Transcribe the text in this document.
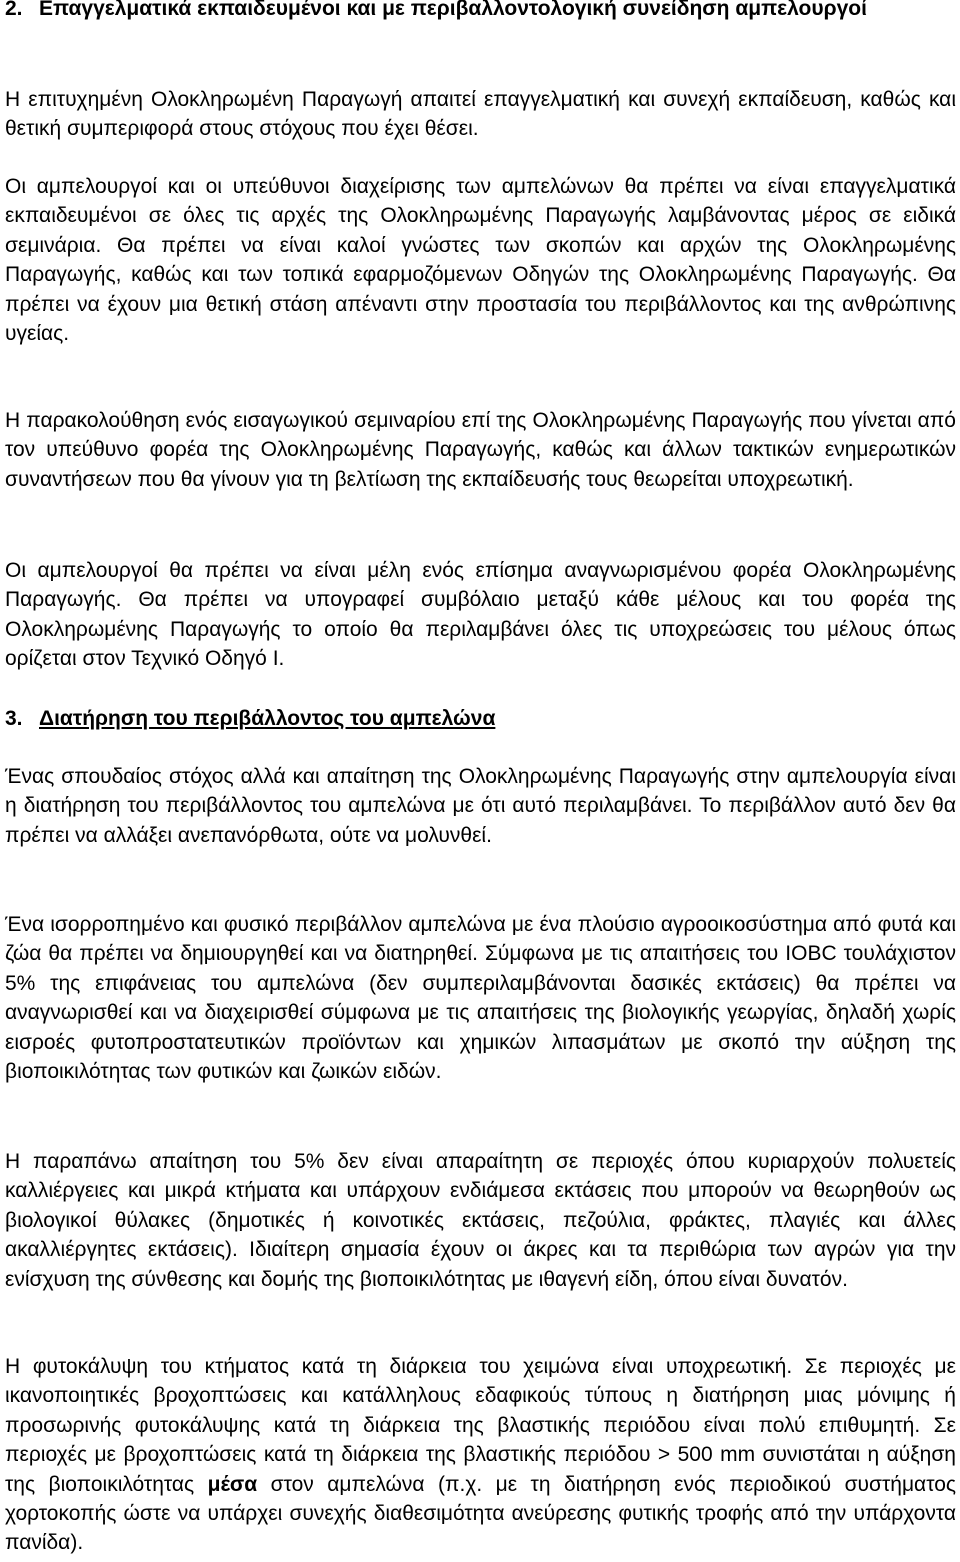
2. Επαγγελματικά εκπαιδευμένοι και με περιβαλλοντολογική συνείδηση αμπελουργοί

Η επιτυχημένη Ολοκληρωμένη Παραγωγή απαιτεί επαγγελματική και συνεχή εκπαίδευση, καθώς και θετική συμπεριφορά στους στόχους που έχει θέσει.

Οι αμπελουργοί και οι υπεύθυνοι διαχείρισης των αμπελώνων θα πρέπει να είναι επαγγελματικά εκπαιδευμένοι σε όλες τις αρχές της Ολοκληρωμένης Παραγωγής λαμβάνοντας μέρος σε ειδικά σεμινάρια. Θα πρέπει να είναι καλοί γνώστες των σκοπών και αρχών της Ολοκληρωμένης Παραγωγής, καθώς και των τοπικά εφαρμοζόμενων Οδηγών της Ολοκληρωμένης Παραγωγής. Θα πρέπει να έχουν μια θετική στάση απέναντι στην προστασία του περιβάλλοντος και της ανθρώπινης υγείας.

Η παρακολούθηση ενός εισαγωγικού σεμιναρίου επί της Ολοκληρωμένης Παραγωγής που γίνεται από τον υπεύθυνο φορέα της Ολοκληρωμένης Παραγωγής, καθώς και άλλων τακτικών ενημερωτικών συναντήσεων που θα γίνουν για τη βελτίωση της εκπαίδευσής τους θεωρείται υποχρεωτική.

Οι αμπελουργοί θα πρέπει να είναι μέλη ενός επίσημα αναγνωρισμένου φορέα Ολοκληρωμένης Παραγωγής. Θα πρέπει να υπογραφεί συμβόλαιο μεταξύ κάθε μέλους και του φορέα της Ολοκληρωμένης Παραγωγής το οποίο θα περιλαμβάνει όλες τις υποχρεώσεις του μέλους όπως ορίζεται στον Τεχνικό Οδηγό Ι.

3. Διατήρηση του περιβάλλοντος του αμπελώνα

Ένας σπουδαίος στόχος αλλά και απαίτηση της Ολοκληρωμένης Παραγωγής στην αμπελουργία είναι η διατήρηση του περιβάλλοντος του αμπελώνα με ότι αυτό περιλαμβάνει. Το περιβάλλον αυτό δεν θα πρέπει να αλλάξει ανεπανόρθωτα, ούτε να μολυνθεί.

Ένα ισορροπημένο και φυσικό περιβάλλον αμπελώνα με ένα πλούσιο αγροοικοσύστημα από φυτά και ζώα θα πρέπει να δημιουργηθεί και να διατηρηθεί. Σύμφωνα με τις απαιτήσεις του IOBC τουλάχιστον 5% της επιφάνειας του αμπελώνα (δεν συμπεριλαμβάνονται δασικές εκτάσεις) θα πρέπει να αναγνωρισθεί και να διαχειρισθεί σύμφωνα με τις απαιτήσεις της βιολογικής γεωργίας, δηλαδή χωρίς εισροές φυτοπροστατευτικών προϊόντων και χημικών λιπασμάτων με σκοπό την αύξηση της βιοποικιλότητας των φυτικών και ζωικών ειδών.

Η παραπάνω απαίτηση του 5% δεν είναι απαραίτητη σε περιοχές όπου κυριαρχούν πολυετείς καλλιέργειες και μικρά κτήματα και υπάρχουν ενδιάμεσα εκτάσεις που μπορούν να θεωρηθούν ως βιολογικοί θύλακες (δημοτικές ή κοινοτικές εκτάσεις, πεζούλια, φράκτες, πλαγιές και άλλες ακαλλιέργητες εκτάσεις). Ιδιαίτερη σημασία έχουν οι άκρες και τα περιθώρια των αγρών για την ενίσχυση της σύνθεσης και δομής της βιοποικιλότητας με ιθαγενή είδη, όπου είναι δυνατόν.

Η φυτοκάλυψη του κτήματος κατά τη διάρκεια του χειμώνα είναι υποχρεωτική. Σε περιοχές με ικανοποιητικές βροχοπτώσεις και κατάλληλους εδαφικούς τύπους η διατήρηση μιας μόνιμης ή προσωρινής φυτοκάλυψης κατά τη διάρκεια της βλαστικής περιόδου είναι πολύ επιθυμητή. Σε περιοχές με βροχοπτώσεις κατά τη διάρκεια της βλαστικής περιόδου > 500 mm συνιστάται η αύξηση της βιοποικιλότητας μέσα στον αμπελώνα (π.χ. με τη διατήρηση ενός περιοδικού συστήματος χορτοκοπής ώστε να υπάρχει συνεχής διαθεσιμότητα ανεύρεσης φυτικής τροφής από την υπάρχοντα πανίδα).
